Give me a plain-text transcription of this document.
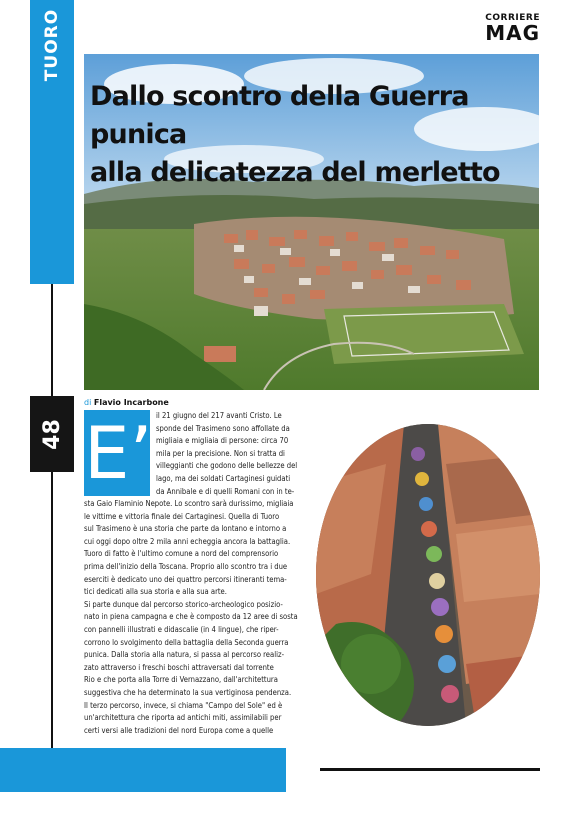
TUORO
48
CORRIERE
MAG
Dallo scontro della Guerra punica
alla delicatezza del merletto
di Flavio Incarbone
E’ il 21 giugno del 217 avanti Cristo. Le

sponde del Trasimeno sono affollate da

migliaia e migliaia di persone: circa 70

mila per la precisione. Non si tratta di

villeggianti che godono delle bellezze del

lago, ma dei soldati Cartaginesi guidati

da Annibale e di quelli Romani con in te-

sta Gaio Flaminio Nepote. Lo scontro sarà durissimo, migliaia

le vittime e vittoria finale dei Cartaginesi. Quella di Tuoro

sul Trasimeno è una storia che parte da lontano e intorno a

cui oggi dopo oltre 2 mila anni echeggia ancora la battaglia.

Tuoro di fatto è l'ultimo comune a nord del comprensorio

prima dell'inizio della Toscana. Proprio allo scontro tra i due

eserciti è dedicato uno dei quattro percorsi itineranti tema-

tici dedicati alla sua storia e alla sua arte.

Si parte dunque dal percorso storico-archeologico posizio-

nato in piena campagna e che è composto da 12 aree di sosta

con pannelli illustrati e didascalie (in 4 lingue), che riper-

corrono lo svolgimento della battaglia della Seconda guerra

punica. Dalla storia alla natura, si passa al percorso realiz-

zato attraverso i freschi boschi attraversati dal torrente

Rio e che porta alla Torre di Vernazzano, dall'architettura

suggestiva che ha determinato la sua vertiginosa pendenza.

Il terzo percorso, invece, si chiama "Campo del Sole" ed è

un'architettura che riporta ad antichi miti, assimilabili per

certi versi alle tradizioni del nord Europa come a quelle
